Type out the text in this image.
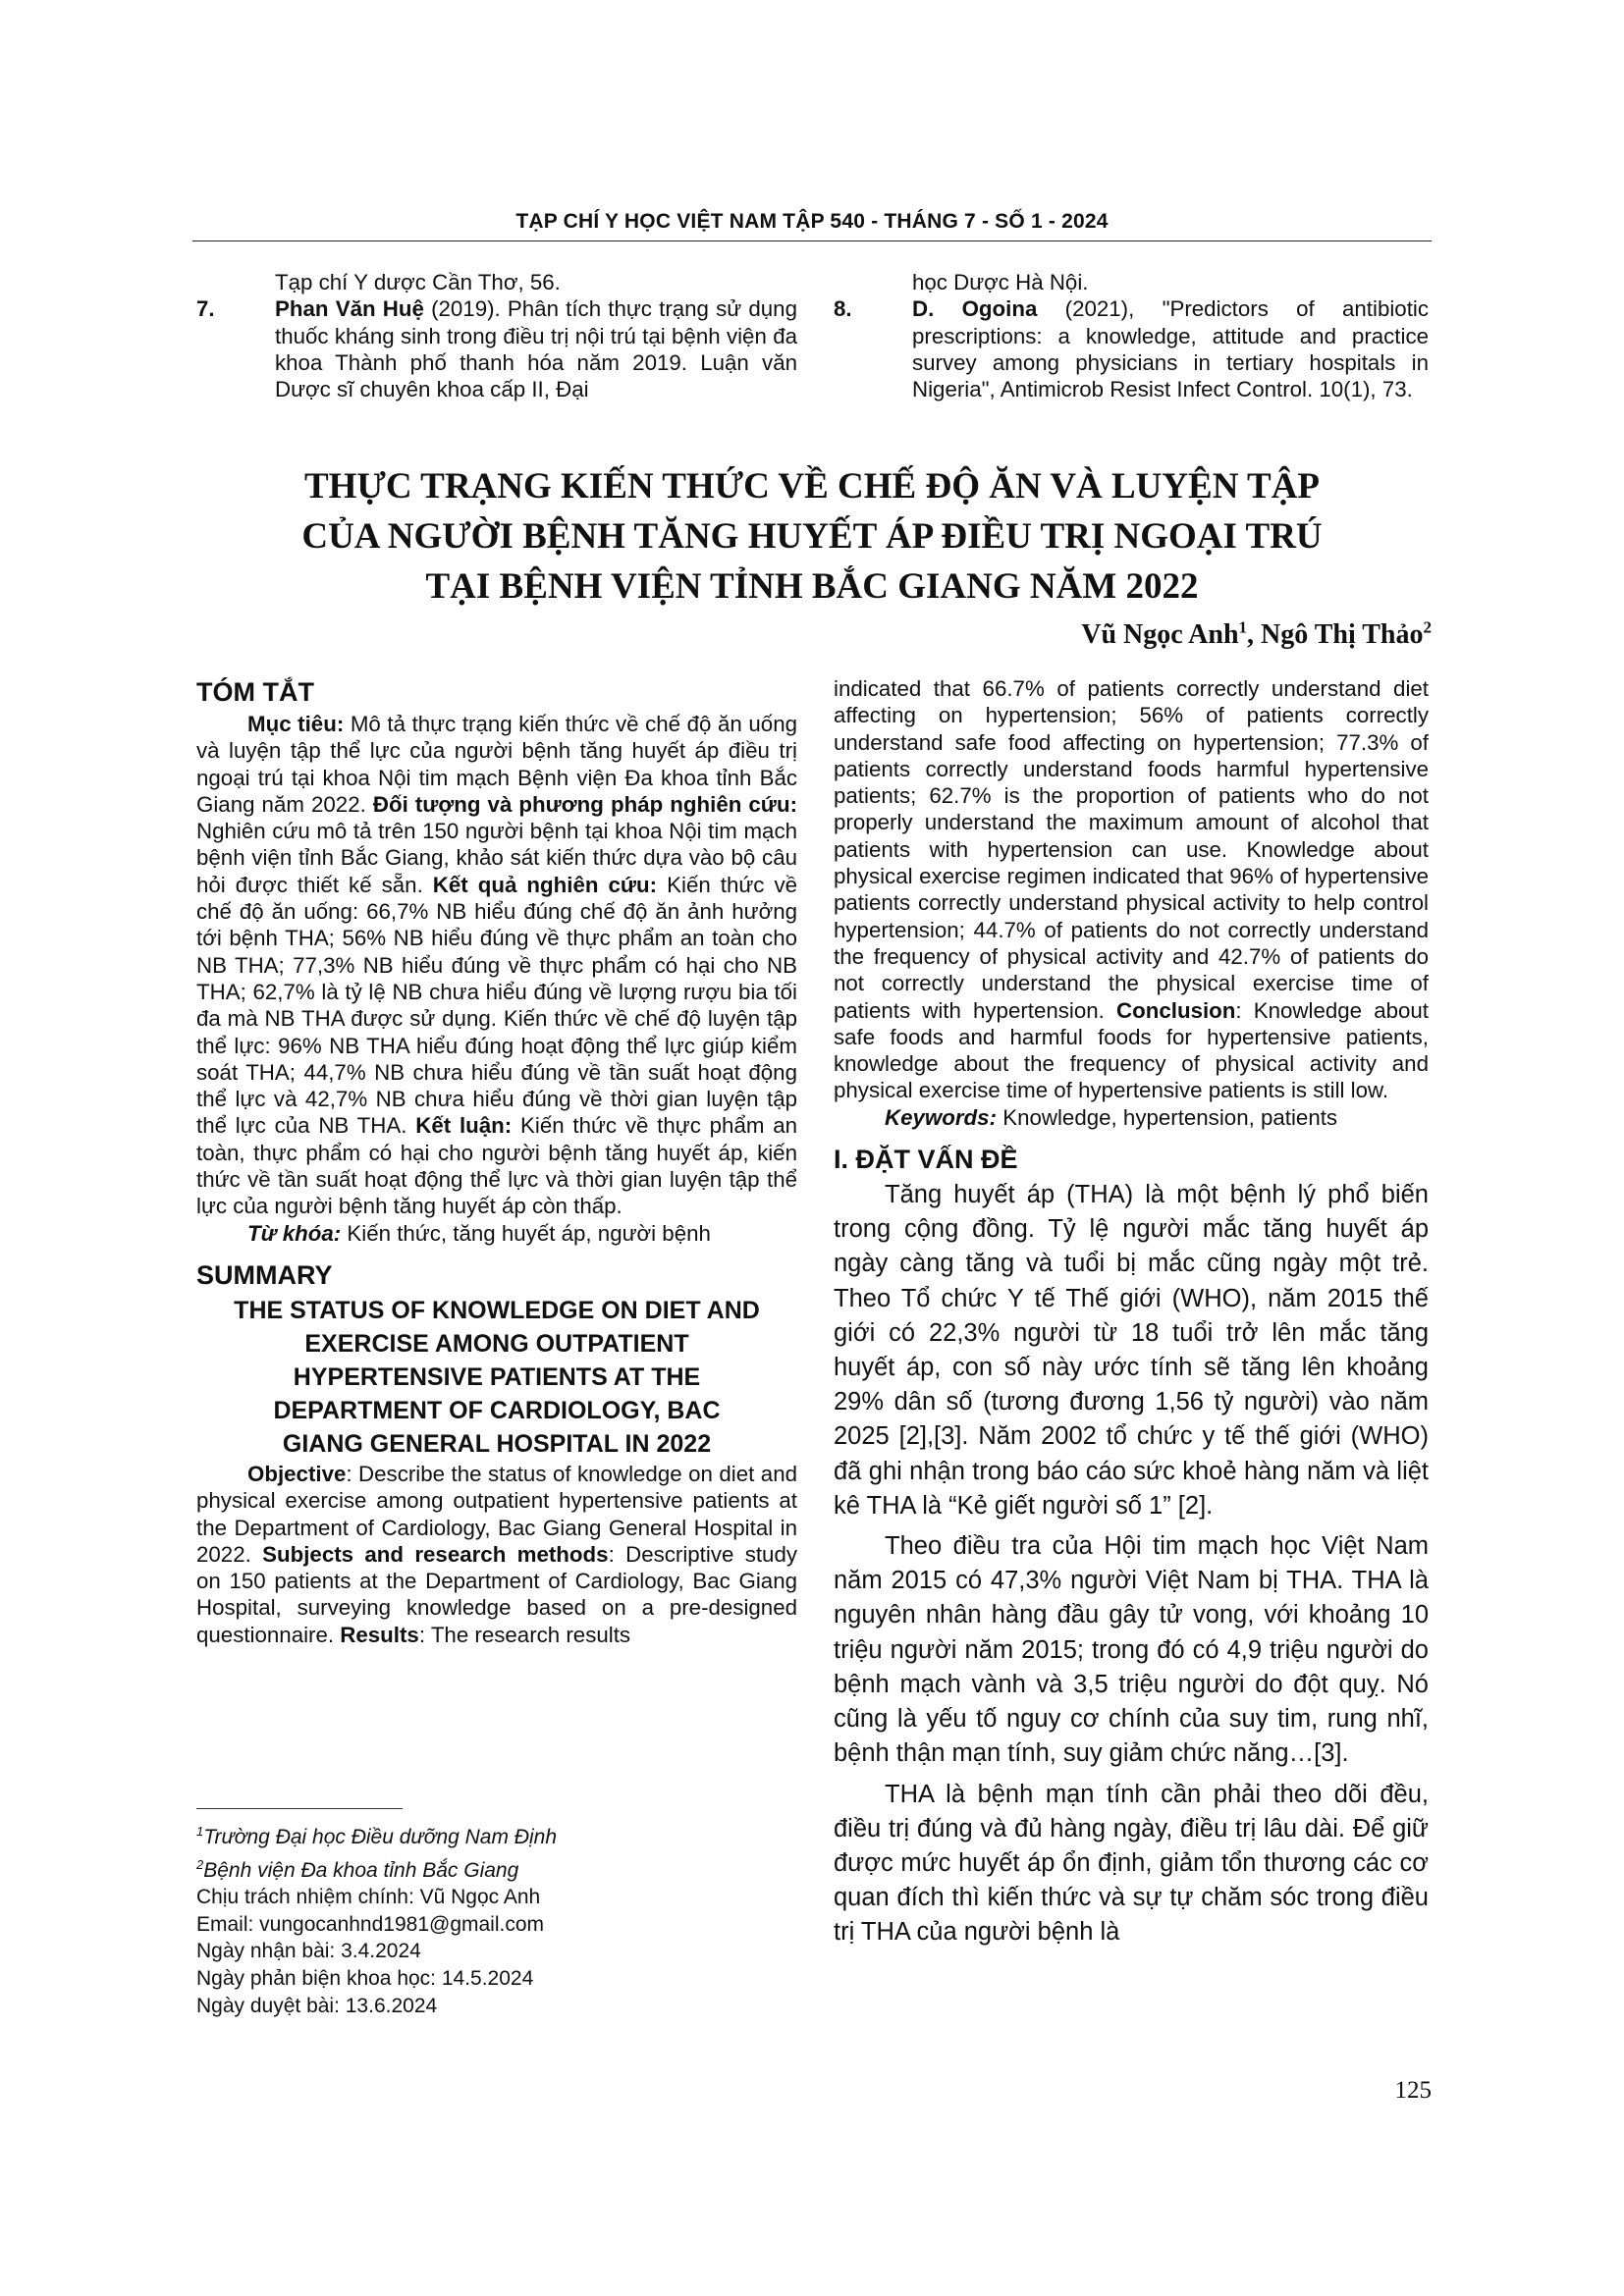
TẠP CHÍ Y HỌC VIỆT NAM TẬP 540 - THÁNG 7 - SỐ 1 - 2024

Tạp chí Y dược Cần Thơ, 56.

7.	Phan Văn Huệ (2019). Phân tích thực trạng sử dụng thuốc kháng sinh trong điều trị nội trú tại bệnh viện đa khoa Thành phố thanh hóa năm 2019. Luận văn Dược sĩ chuyên khoa cấp II, Đại

học Dược Hà Nội.

8.	D. Ogoina (2021), "Predictors of antibiotic prescriptions: a knowledge, attitude and practice survey among physicians in tertiary hospitals in Nigeria", Antimicrob Resist Infect Control. 10(1), 73.

THỰC TRẠNG KIẾN THỨC VỀ CHẾ ĐỘ ĂN VÀ LUYỆN TẬP
CỦA NGƯỜI BỆNH TĂNG HUYẾT ÁP ĐIỀU TRỊ NGOẠI TRÚ
TẠI BỆNH VIỆN TỈNH BẮC GIANG NĂM 2022
Vũ Ngọc Anh$^1$, Ngô Thị Thảo$^2$
TÓM TẮT

Mục tiêu: Mô tả thực trạng kiến thức về chế độ ăn uống và luyện tập thể lực của người bệnh tăng huyết áp điều trị ngoại trú tại khoa Nội tim mạch Bệnh viện Đa khoa tỉnh Bắc Giang năm 2022. Đối tượng và phương pháp nghiên cứu: Nghiên cứu mô tả trên 150 người bệnh tại khoa Nội tim mạch bệnh viện tỉnh Bắc Giang, khảo sát kiến thức dựa vào bộ câu hỏi được thiết kế sẵn. Kết quả nghiên cứu: Kiến thức về chế độ ăn uống: 66,7% NB hiểu đúng chế độ ăn ảnh hưởng tới bệnh THA; 56% NB hiểu đúng về thực phẩm an toàn cho NB THA; 77,3% NB hiểu đúng về thực phẩm có hại cho NB THA; 62,7% là tỷ lệ NB chưa hiểu đúng về lượng rượu bia tối đa mà NB THA được sử dụng. Kiến thức về chế độ luyện tập thể lực: 96% NB THA hiểu đúng hoạt động thể lực giúp kiểm soát THA; 44,7% NB chưa hiểu đúng về tần suất hoạt động thể lực và 42,7% NB chưa hiểu đúng về thời gian luyện tập thể lực của NB THA. Kết luận: Kiến thức về thực phẩm an toàn, thực phẩm có hại cho người bệnh tăng huyết áp, kiến thức về tần suất hoạt động thể lực và thời gian luyện tập thể lực của người bệnh tăng huyết áp còn thấp.

Từ khóa: Kiến thức, tăng huyết áp, người bệnh

SUMMARY
THE STATUS OF KNOWLEDGE ON DIET AND
EXERCISE AMONG OUTPATIENT
HYPERTENSIVE PATIENTS AT THE
DEPARTMENT OF CARDIOLOGY, BAC
GIANG GENERAL HOSPITAL IN 2022

Objective: Describe the status of knowledge on diet and physical exercise among outpatient hypertensive patients at the Department of Cardiology, Bac Giang General Hospital in 2022. Subjects and research methods: Descriptive study on 150 patients at the Department of Cardiology, Bac Giang Hospital, surveying knowledge based on a pre-designed questionnaire. Results: The research results

$^1$Trường Đại học Điều dưỡng Nam Định
$^2$Bệnh viện Đa khoa tỉnh Bắc Giang
Chịu trách nhiệm chính: Vũ Ngọc Anh
Email: vungocanhnd1981@gmail.com
Ngày nhận bài: 3.4.2024
Ngày phản biện khoa học: 14.5.2024
Ngày duyệt bài: 13.6.2024

indicated that 66.7% of patients correctly understand diet affecting on hypertension; 56% of patients correctly understand safe food affecting on hypertension; 77.3% of patients correctly understand foods harmful hypertensive patients; 62.7% is the proportion of patients who do not properly understand the maximum amount of alcohol that patients with hypertension can use. Knowledge about physical exercise regimen indicated that 96% of hypertensive patients correctly understand physical activity to help control hypertension; 44.7% of patients do not correctly understand the frequency of physical activity and 42.7% of patients do not correctly understand the physical exercise time of patients with hypertension. Conclusion: Knowledge about safe foods and harmful foods for hypertensive patients, knowledge about the frequency of physical activity and physical exercise time of hypertensive patients is still low.

Keywords: Knowledge, hypertension, patients

I. ĐẶT VẤN ĐỀ

Tăng huyết áp (THA) là một bệnh lý phổ biến trong cộng đồng. Tỷ lệ người mắc tăng huyết áp ngày càng tăng và tuổi bị mắc cũng ngày một trẻ. Theo Tổ chức Y tế Thế giới (WHO), năm 2015 thế giới có 22,3% người từ 18 tuổi trở lên mắc tăng huyết áp, con số này ước tính sẽ tăng lên khoảng 29% dân số (tương đương 1,56 tỷ người) vào năm 2025 [2],[3]. Năm 2002 tổ chức y tế thế giới (WHO) đã ghi nhận trong báo cáo sức khoẻ hàng năm và liệt kê THA là “Kẻ giết người số 1” [2].

Theo điều tra của Hội tim mạch học Việt Nam năm 2015 có 47,3% người Việt Nam bị THA. THA là nguyên nhân hàng đầu gây tử vong, với khoảng 10 triệu người năm 2015; trong đó có 4,9 triệu người do bệnh mạch vành và 3,5 triệu người do đột quỵ. Nó cũng là yếu tố nguy cơ chính của suy tim, rung nhĩ, bệnh thận mạn tính, suy giảm chức năng…[3].

THA là bệnh mạn tính cần phải theo dõi đều, điều trị đúng và đủ hàng ngày, điều trị lâu dài. Để giữ được mức huyết áp ổn định, giảm tổn thương các cơ quan đích thì kiến thức và sự tự chăm sóc trong điều trị THA của người bệnh là

125
